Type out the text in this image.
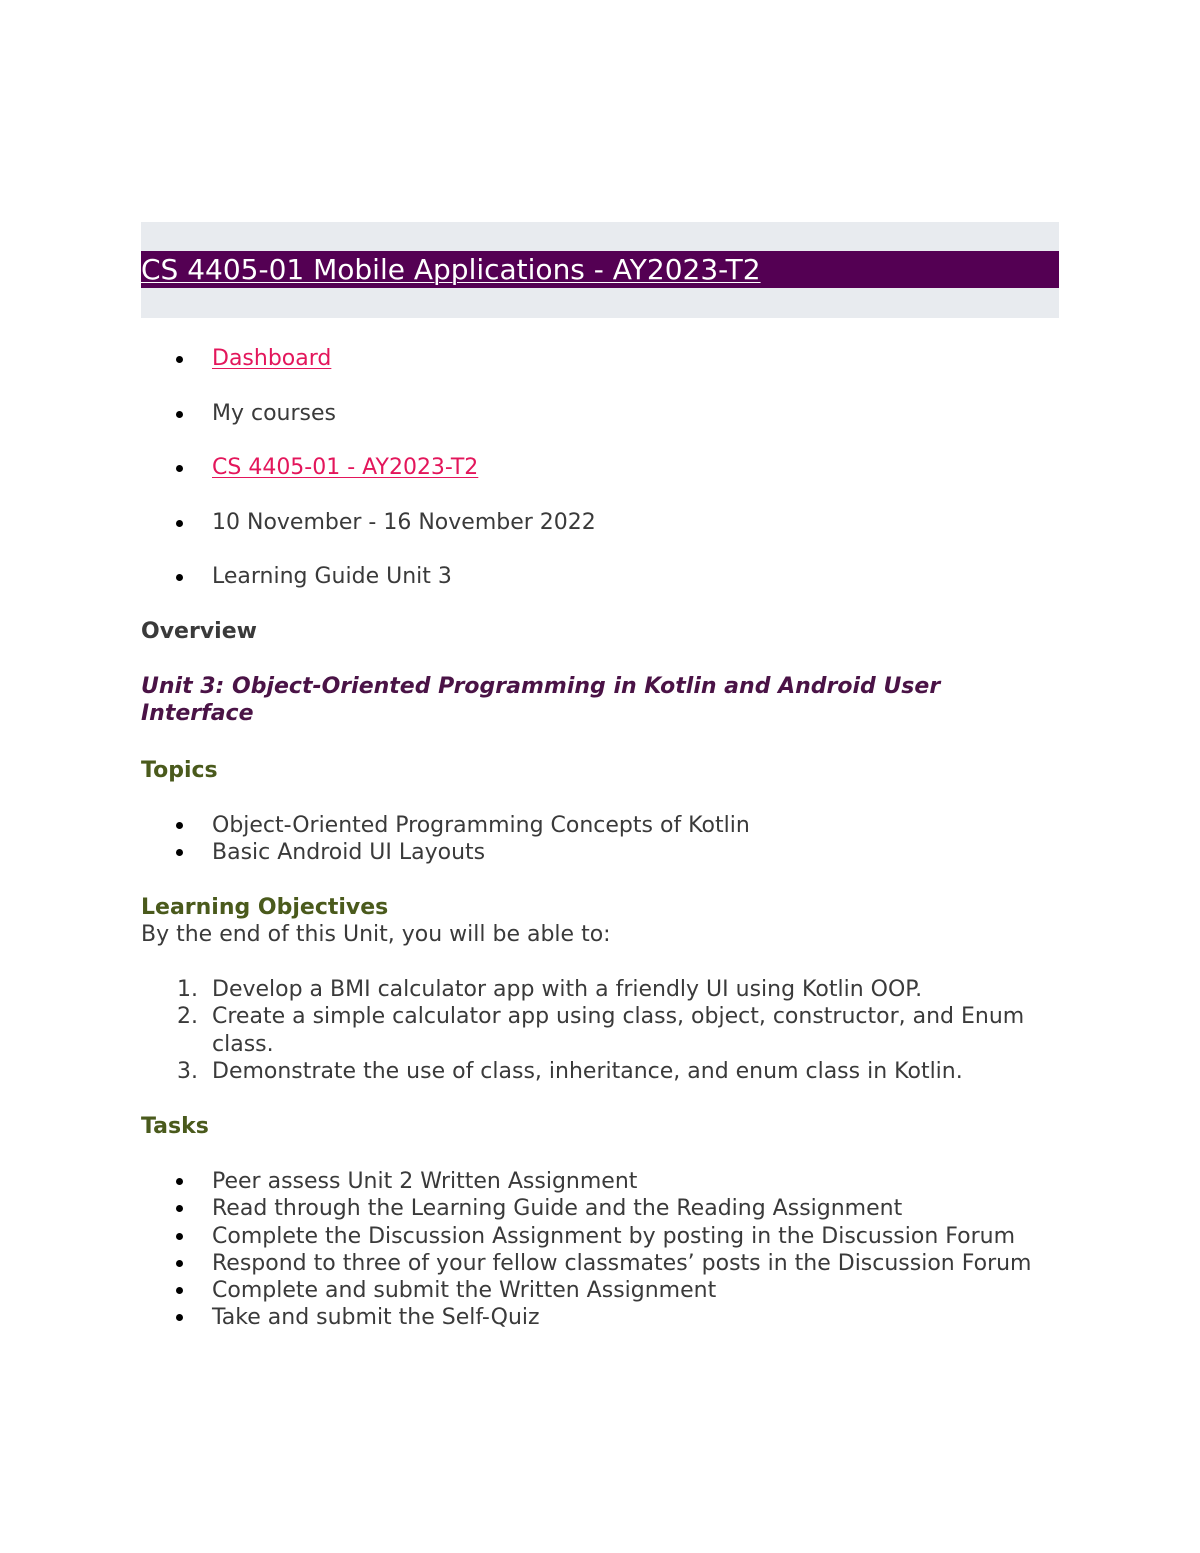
CS 4405-01 Mobile Applications - AY2023-T2
Dashboard
My courses
CS 4405-01 - AY2023-T2
10 November - 16 November 2022
Learning Guide Unit 3
Overview
Unit 3: Object-Oriented Programming in Kotlin and Android User Interface
Topics
Object-Oriented Programming Concepts of Kotlin
Basic Android UI Layouts
Learning Objectives

By the end of this Unit, you will be able to:

1. Develop a BMI calculator app with a friendly UI using Kotlin OOP.
2. Create a simple calculator app using class, object, constructor, and Enum class.
3. Demonstrate the use of class, inheritance, and enum class in Kotlin.
Tasks
Peer assess Unit 2 Written Assignment
Read through the Learning Guide and the Reading Assignment
Complete the Discussion Assignment by posting in the Discussion Forum
Respond to three of your fellow classmates’ posts in the Discussion Forum
Complete and submit the Written Assignment
Take and submit the Self-Quiz
